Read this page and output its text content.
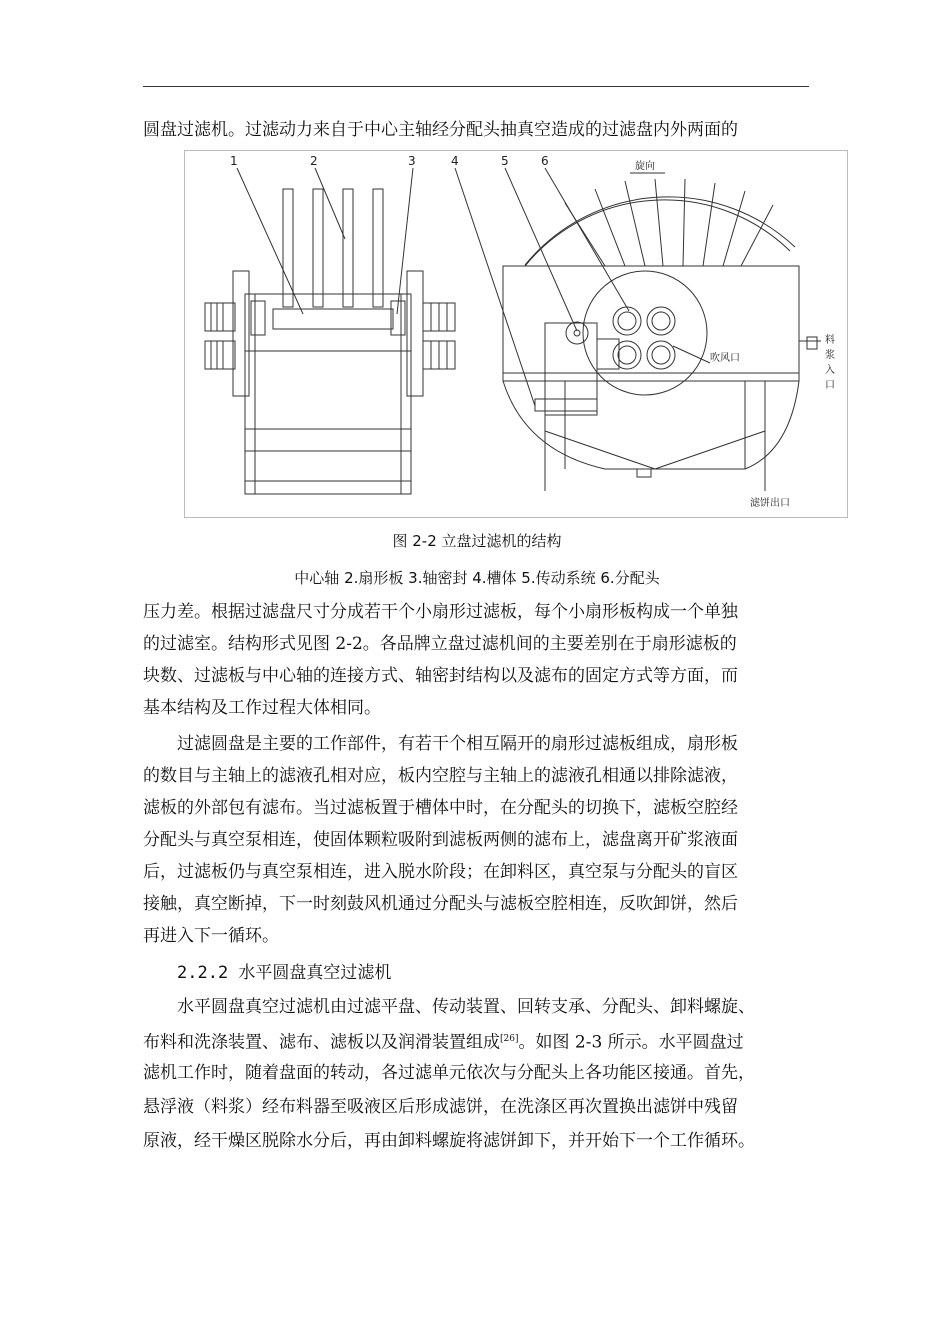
圆盘过滤机。过滤动力来自于中心主轴经分配头抽真空造成的过滤盘内外两面的

1	2	3	4	5	6	旋向
吹风口
料
浆
入
口
滤饼出口

图 2-2 立盘过滤机的结构

中心轴 2.扇形板 3.轴密封 4.槽体 5.传动系统 6.分配头

压力差。根据过滤盘尺寸分成若干个小扇形过滤板，每个小扇形板构成一个单独

的过滤室。结构形式见图 2-2。各品牌立盘过滤机间的主要差别在于扇形滤板的

块数、过滤板与中心轴的连接方式、轴密封结构以及滤布的固定方式等方面，而

基本结构及工作过程大体相同。

过滤圆盘是主要的工作部件，有若干个相互隔开的扇形过滤板组成，扇形板

的数目与主轴上的滤液孔相对应，板内空腔与主轴上的滤液孔相通以排除滤液，

滤板的外部包有滤布。当过滤板置于槽体中时，在分配头的切换下，滤板空腔经

分配头与真空泵相连，使固体颗粒吸附到滤板两侧的滤布上，滤盘离开矿浆液面

后，过滤板仍与真空泵相连，进入脱水阶段；在卸料区，真空泵与分配头的盲区

接触，真空断掉，下一时刻鼓风机通过分配头与滤板空腔相连，反吹卸饼，然后

再进入下一循环。

2.2.2 水平圆盘真空过滤机

水平圆盘真空过滤机由过滤平盘、传动装置、回转支承、分配头、卸料螺旋、

布料和洗涤装置、滤布、滤板以及润滑装置组成[26]。如图 2-3 所示。水平圆盘过

滤机工作时，随着盘面的转动，各过滤单元依次与分配头上各功能区接通。首先，

悬浮液（料浆）经布料器至吸液区后形成滤饼，在洗涤区再次置换出滤饼中残留

原液，经干燥区脱除水分后，再由卸料螺旋将滤饼卸下，并开始下一个工作循环。
